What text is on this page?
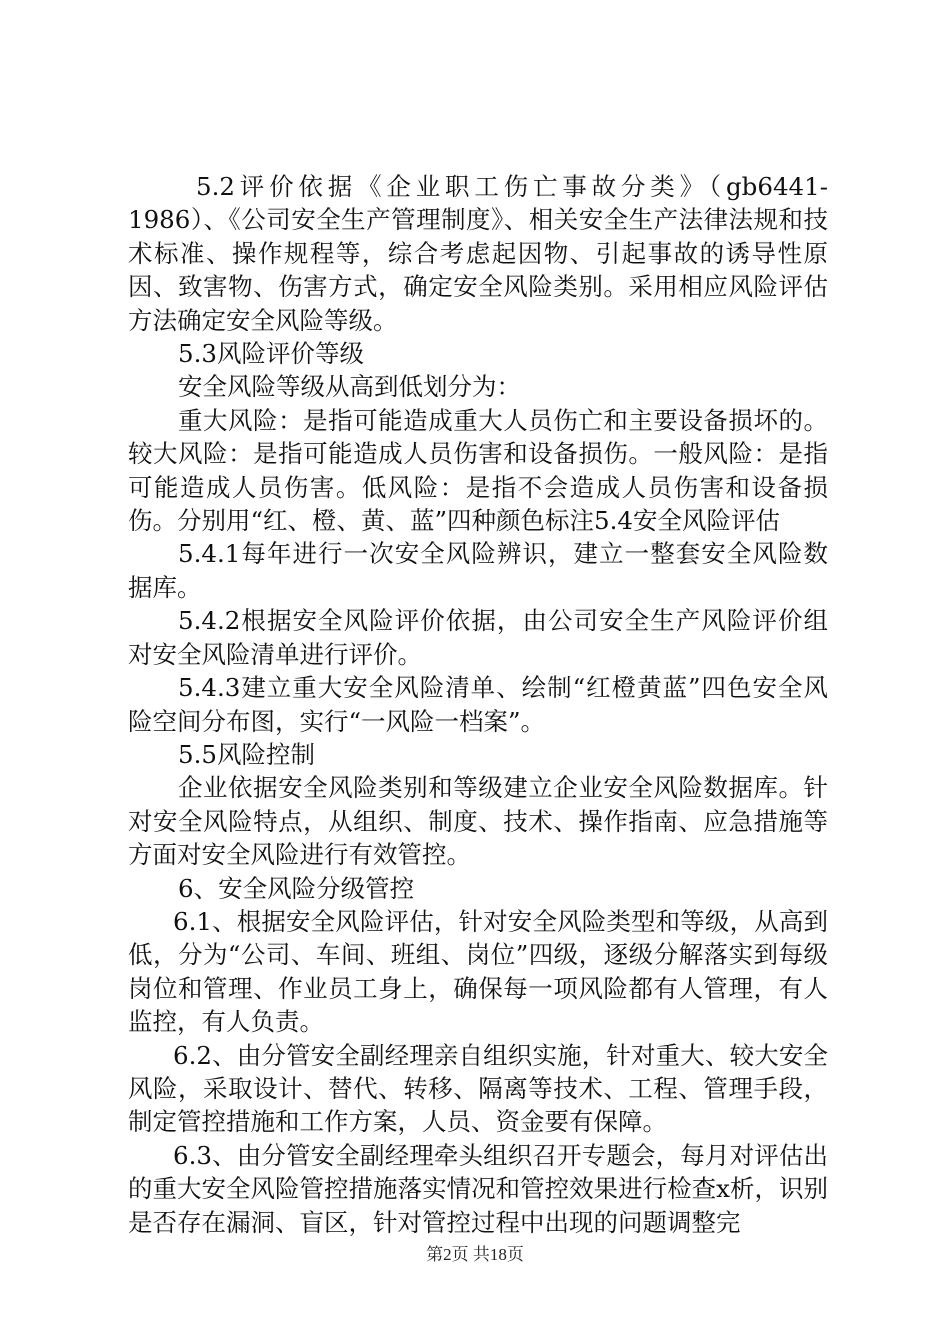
5.2评价依据《企业职工伤亡事故分类》（gb6441-1986）、《公司安全生产管理制度》、相关安全生产法律法规和技术标准、操作规程等，综合考虑起因物、引起事故的诱导性原因、致害物、伤害方式，确定安全风险类别。采用相应风险评估方法确定安全风险等级。

5.3风险评价等级

安全风险等级从高到低划分为：

重大风险：是指可能造成重大人员伤亡和主要设备损坏的。较大风险：是指可能造成人员伤害和设备损伤。一般风险：是指可能造成人员伤害。低风险：是指不会造成人员伤害和设备损伤。分别用“红、橙、黄、蓝”四种颜色标注5.4安全风险评估

5.4.1每年进行一次安全风险辨识，建立一整套安全风险数据库。

5.4.2根据安全风险评价依据，由公司安全生产风险评价组对安全风险清单进行评价。

5.4.3建立重大安全风险清单、绘制“红橙黄蓝”四色安全风险空间分布图，实行“一风险一档案”。

5.5风险控制

企业依据安全风险类别和等级建立企业安全风险数据库。针对安全风险特点，从组织、制度、技术、操作指南、应急措施等方面对安全风险进行有效管控。

6、安全风险分级管控

6.1、根据安全风险评估，针对安全风险类型和等级，从高到低，分为“公司、车间、班组、岗位”四级，逐级分解落实到每级岗位和管理、作业员工身上，确保每一项风险都有人管理，有人监控，有人负责。

6.2、由分管安全副经理亲自组织实施，针对重大、较大安全风险，采取设计、替代、转移、隔离等技术、工程、管理手段，制定管控措施和工作方案，人员、资金要有保障。

6.3、由分管安全副经理牵头组织召开专题会，每月对评估出的重大安全风险管控措施落实情况和管控效果进行检查x析，识别是否存在漏洞、盲区，针对管控过程中出现的问题调整完

第2页 共18页
